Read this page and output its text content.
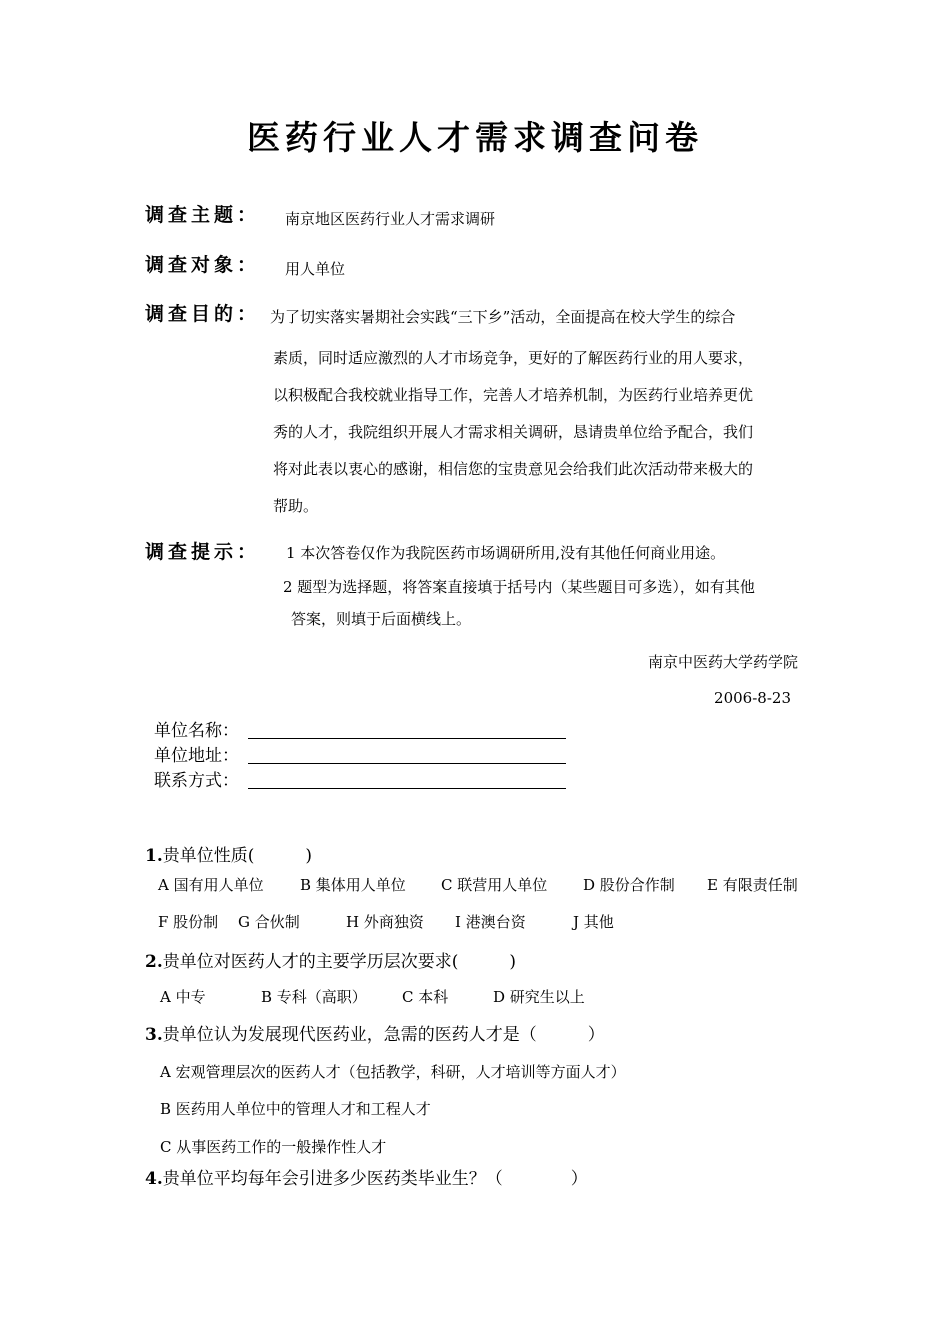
医药行业人才需求调查问卷
调查主题： 南京地区医药行业人才需求调研
调查对象： 用人单位
调查目的： 为了切实落实暑期社会实践“三下乡”活动，全面提高在校大学生的综合
素质，同时适应激烈的人才市场竞争，更好的了解医药行业的用人要求，
以积极配合我校就业指导工作，完善人才培养机制，为医药行业培养更优
秀的人才，我院组织开展人才需求相关调研，恳请贵单位给予配合，我们
将对此表以衷心的感谢，相信您的宝贵意见会给我们此次活动带来极大的
帮助。
调查提示： 1 本次答卷仅作为我院医药市场调研所用,没有其他任何商业用途。
2 题型为选择题，将答案直接填于括号内（某些题目可多选），如有其他
答案，则填于后面横线上。
南京中医药大学药学院
2006-8-23
单位名称：
单位地址：
联系方式：
1.贵单位性质(　　　)
A 国有用人单位 B 集体用人单位 C 联营用人单位 D 股份合作制 E 有限责任制
F 股份制 G 合伙制	H 外商独资 I 港澳台资	J 其他
2.贵单位对医药人才的主要学历层次要求(　　　)
A 中专	B 专科（高职） C 本科	D 研究生以上
3.贵单位认为发展现代医药业，急需的医药人才是（　　　）
A 宏观管理层次的医药人才（包括教学，科研，人才培训等方面人才）
B 医药用人单位中的管理人才和工程人才
C 从事医药工作的一般操作性人才
4.贵单位平均每年会引进多少医药类毕业生？（　　　　）
